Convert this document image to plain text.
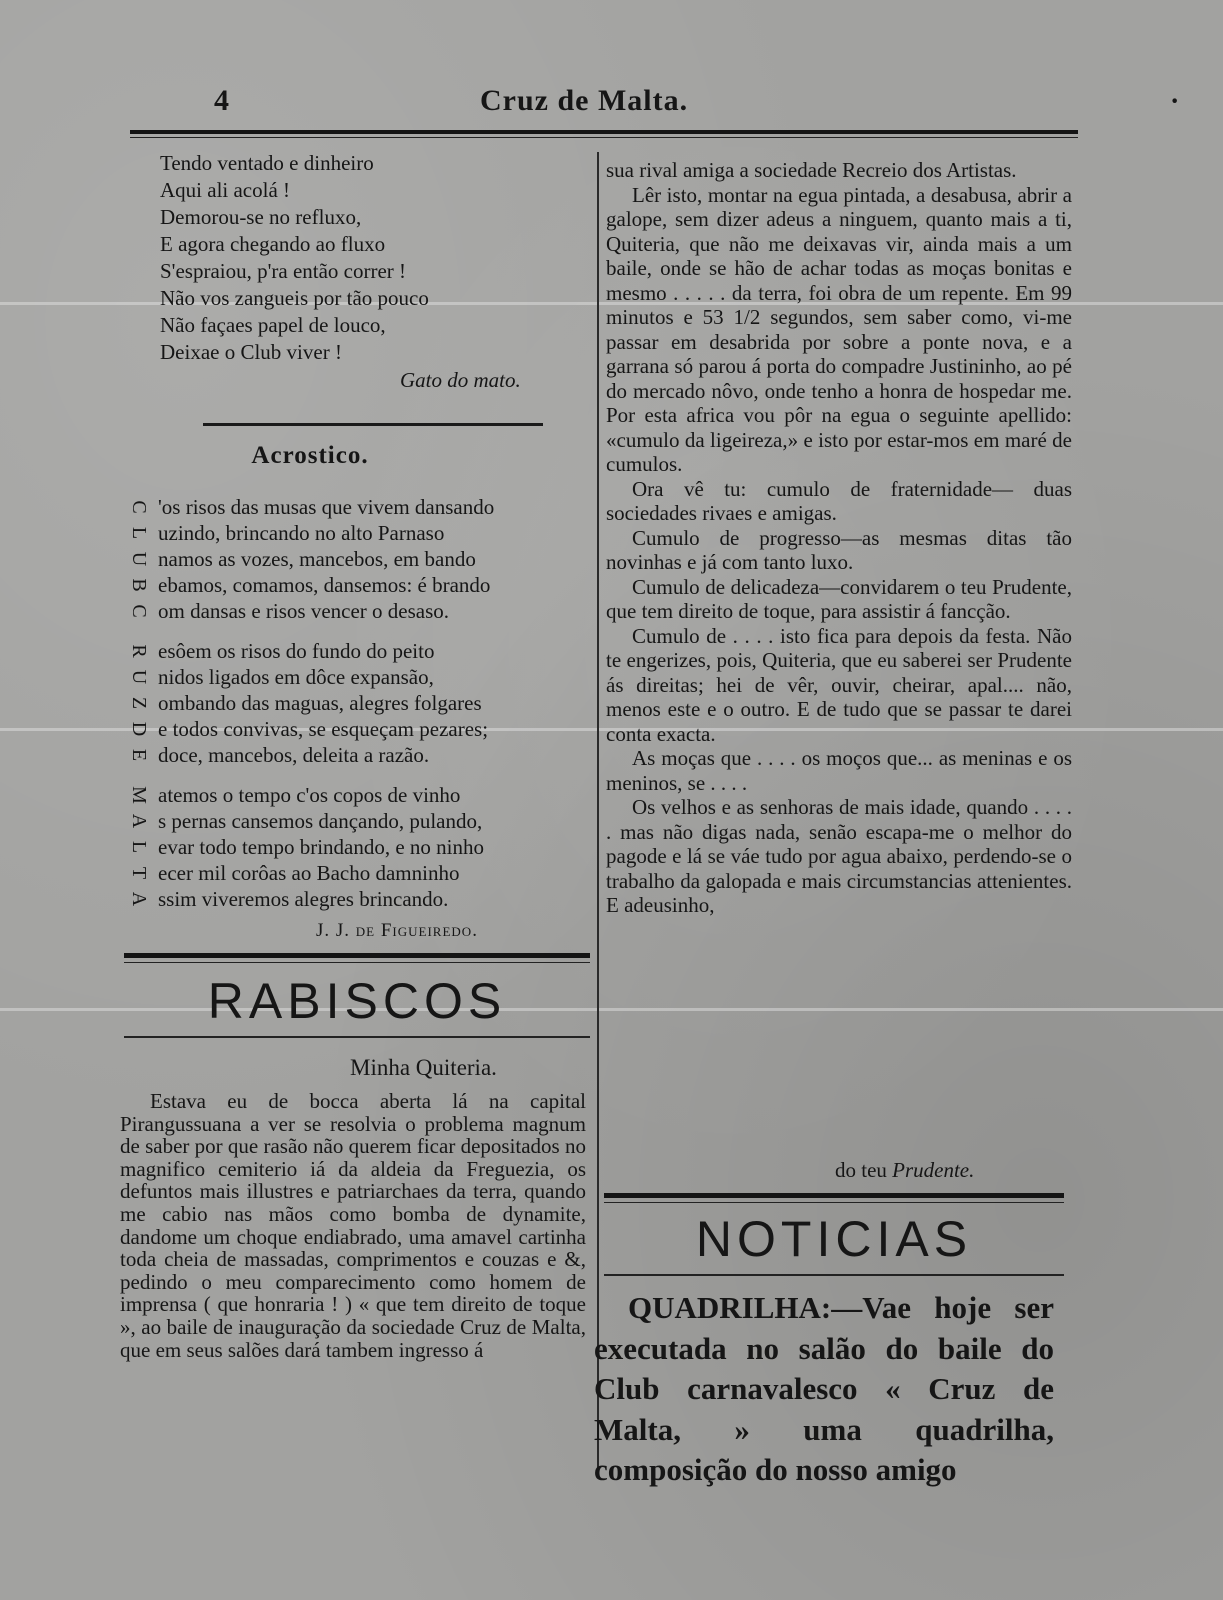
4	Cruz de Malta.	·
Tendo ventado e dinheiro
Aqui ali acolá !
Demorou-se no refluxo,
E agora chegando ao fluxo
S'espraiou, p'ra então correr !
Não vos zangueis por tão pouco
Não façaes papel de louco,
Deixae o Club viver !
Gato do mato.
Acrostico.
C 'os risos das musas que vivem dansando
L uzindo, brincando no alto Parnaso
U namos as vozes, mancebos, em bando
B ebamos, comamos, dansemos: é brando
C om dansas e risos vencer o desaso.
R esôem os risos do fundo do peito
U nidos ligados em dôce expansão,
Z ombando das maguas, alegres folgares
D e todos convivas, se esqueçam pezares;
E doce, mancebos, deleita a razão.
M atemos o tempo c'os copos de vinho
A s pernas cansemos dançando, pulando,
L evar todo tempo brindando, e no ninho
T ecer mil corôas ao Bacho damninho
A ssim viveremos alegres brincando.
J. J. de Figueiredo.
RABISCOS
Minha Quiteria.
Estava eu de bocca aberta lá na capital Pirangussuana a ver se resolvia o problema magnum de saber por que rasão não querem ficar depositados no magnifico cemiterio iá da aldeia da Freguezia, os defuntos mais illustres e patriarchaes da terra, quando me cabio nas mãos como bomba de dynamite, dandome um choque endiabrado, uma amavel cartinha toda cheia de massadas, comprimentos e couzas e &, pedindo o meu comparecimento como homem de imprensa ( que honraria ! ) « que tem direito de toque », ao baile de inauguração da sociedade Cruz de Malta, que em seus salões dará tambem ingresso á

sua rival amiga a sociedade Recreio dos Artistas.

Lêr isto, montar na egua pintada, a desabusa, abrir a galope, sem dizer adeus a ninguem, quanto mais a ti, Quiteria, que não me deixavas vir, ainda mais a um baile, onde se hão de achar todas as moças bonitas e mesmo . . . . . da terra, foi obra de um repente. Em 99 minutos e 53 1/2 segundos, sem saber como, vi-me passar em desabrida por sobre a ponte nova, e a garrana só parou á porta do compadre Justininho, ao pé do mercado nôvo, onde tenho a honra de hospedar me. Por esta africa vou pôr na egua o seguinte apellido: «cumulo da ligeireza,» e isto por estar-mos em maré de cumulos.

Ora vê tu: cumulo de fraternidade— duas sociedades rivaes e amigas.

Cumulo de progresso—as mesmas ditas tão novinhas e já com tanto luxo.

Cumulo de delicadeza—convidarem o teu Prudente, que tem direito de toque, para assistir á fancção.

Cumulo de . . . . isto fica para depois da festa. Não te engerizes, pois, Quiteria, que eu saberei ser Prudente ás direitas; hei de vêr, ouvir, cheirar, apal.... não, menos este e o outro. E de tudo que se passar te darei conta exacta.

As moças que . . . . os moços que... as meninas e os meninos, se . . . .

Os velhos e as senhoras de mais idade, quando . . . . . mas não digas nada, senão escapa-me o melhor do pagode e lá se váe tudo por agua abaixo, perdendo-se o trabalho da galopada e mais circumstancias attenientes. E adeusinho,

do teu Prudente.
NOTICIAS
QUADRILHA:—Vae hoje ser executada no salão do baile do Club carnavalesco « Cruz de Malta, » uma quadrilha, composição do nosso amigo
